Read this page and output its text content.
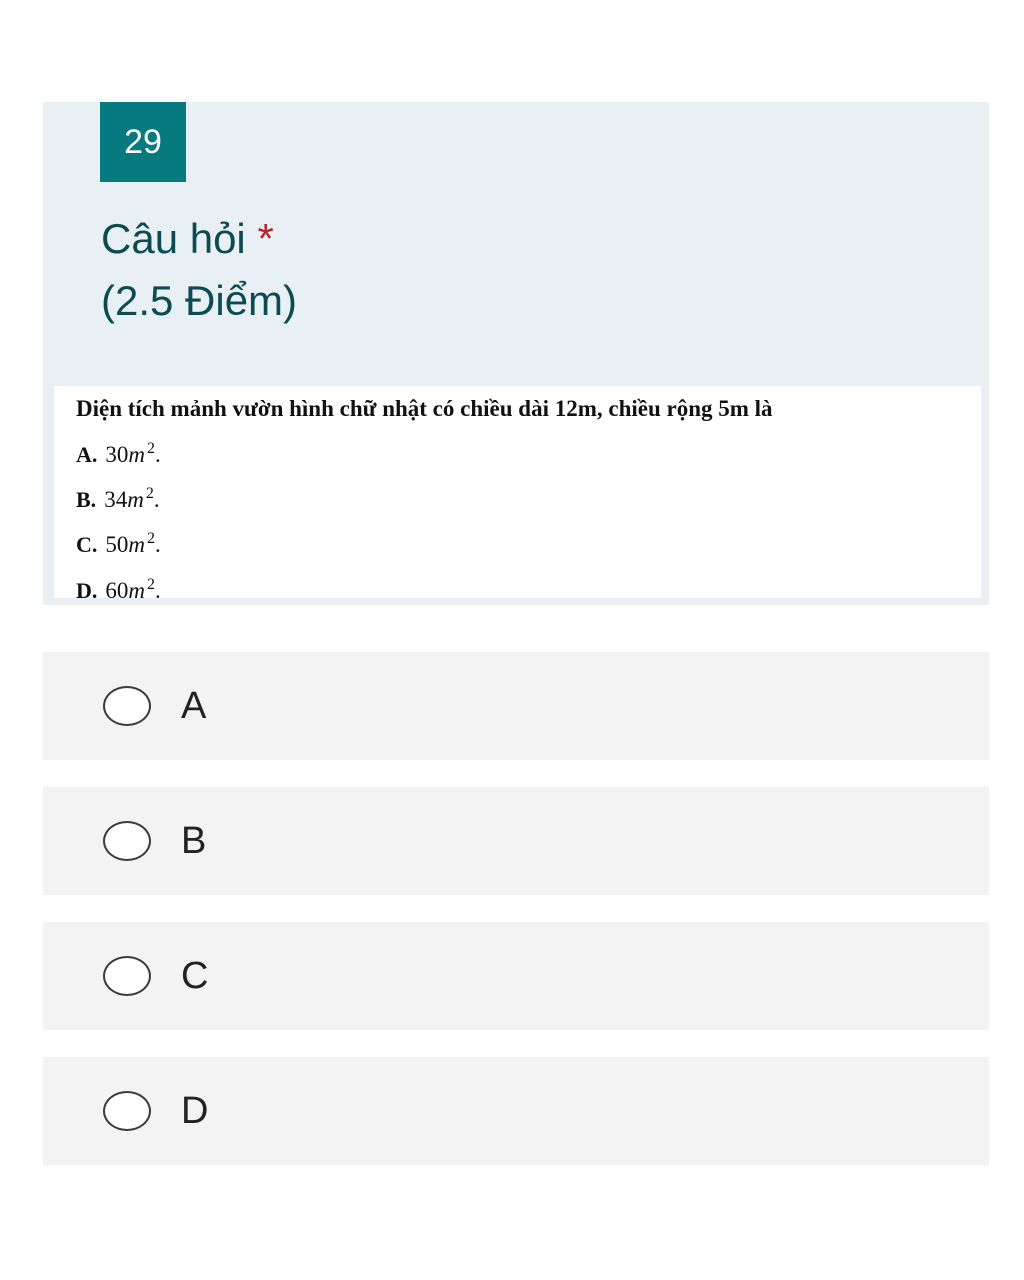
29
Câu hỏi *
(2.5 Điểm)
Diện tích mảnh vườn hình chữ nhật có chiều dài 12m, chiều rộng 5m là
A. 30m $^2$.
B. 34m $^2$.
C. 50m $^2$.
D. 60m $^2$.
A
B
C
D
